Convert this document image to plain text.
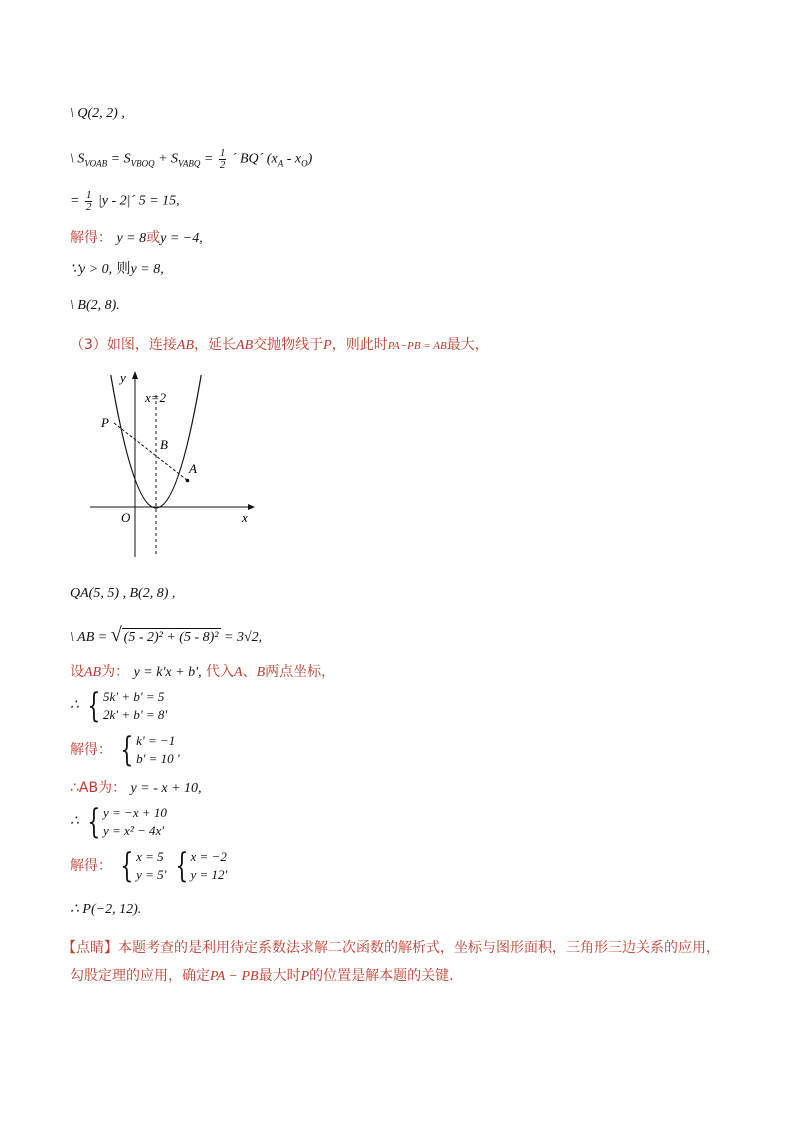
\ Q(2, 2) ,
\ $S_{VOAB} = S_{VBOQ} + S_{VABQ} = \frac{1}{2}$ ´ BQ´ $(x_A - x_O)$
= $\frac{1}{2} |y$ - 2|´ 5 = 15,
解得： y = 8或y = −4,
∵y > 0, 则y = 8,
\ B(2, 8).
（3）如图，连接AB，延长AB交抛物线于P，则此时PA−PB = AB最大，
y
x
O
x=2
P
B
A
QA(5, 5) , B(2, 8) ,
\ AB = √ (5 - 2)² + (5 - 8)² = 3√2,
设AB为： y = k'x + b', 代入A、B两点坐标，
∴ { 5k' + b' = 5
2k' + b' = 8'
解得： { k' = −1
b' = 10 '
∴AB为： y = - x + 10,
∴ { y = −x + 10
y = x² − 4x'
解得： { x = 5
y = 5'
{ x = −2
y = 12'
∴ P(−2, 12).
【点睛】本题考查的是利用待定系数法求解二次函数的解析式，坐标与图形面积，三角形三边关系的应用，
勾股定理的应用，确定PA − PB最大时P的位置是解本题的关键.
